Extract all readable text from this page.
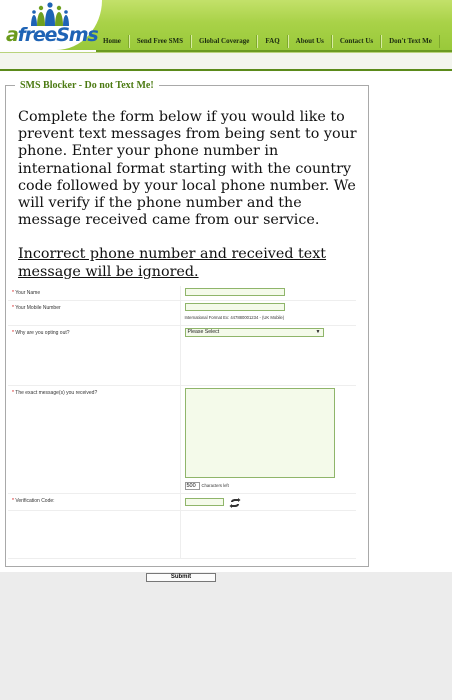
afreeSms Home	Send Free SMS	Global Coverage	FAQ	About Us	Contact Us	Don't Text Me
SMS Blocker - Do not Text Me!
Complete the form below if you would like to prevent text messages from being sent to your phone. Enter your phone number in international format starting with the country code followed by your local phone number. We will verify if the phone number and the message received came from our service.
Incorrect phone number and received text message will be ignored.
* Your Name	

* Your Mobile Number	International Format Ex: 447880001234 - (UK Mobile)

* Why are you opting out?	Please Select ▼

* The exact message(s) you received?	500 Characters left

* Verification Code:	

Submit
